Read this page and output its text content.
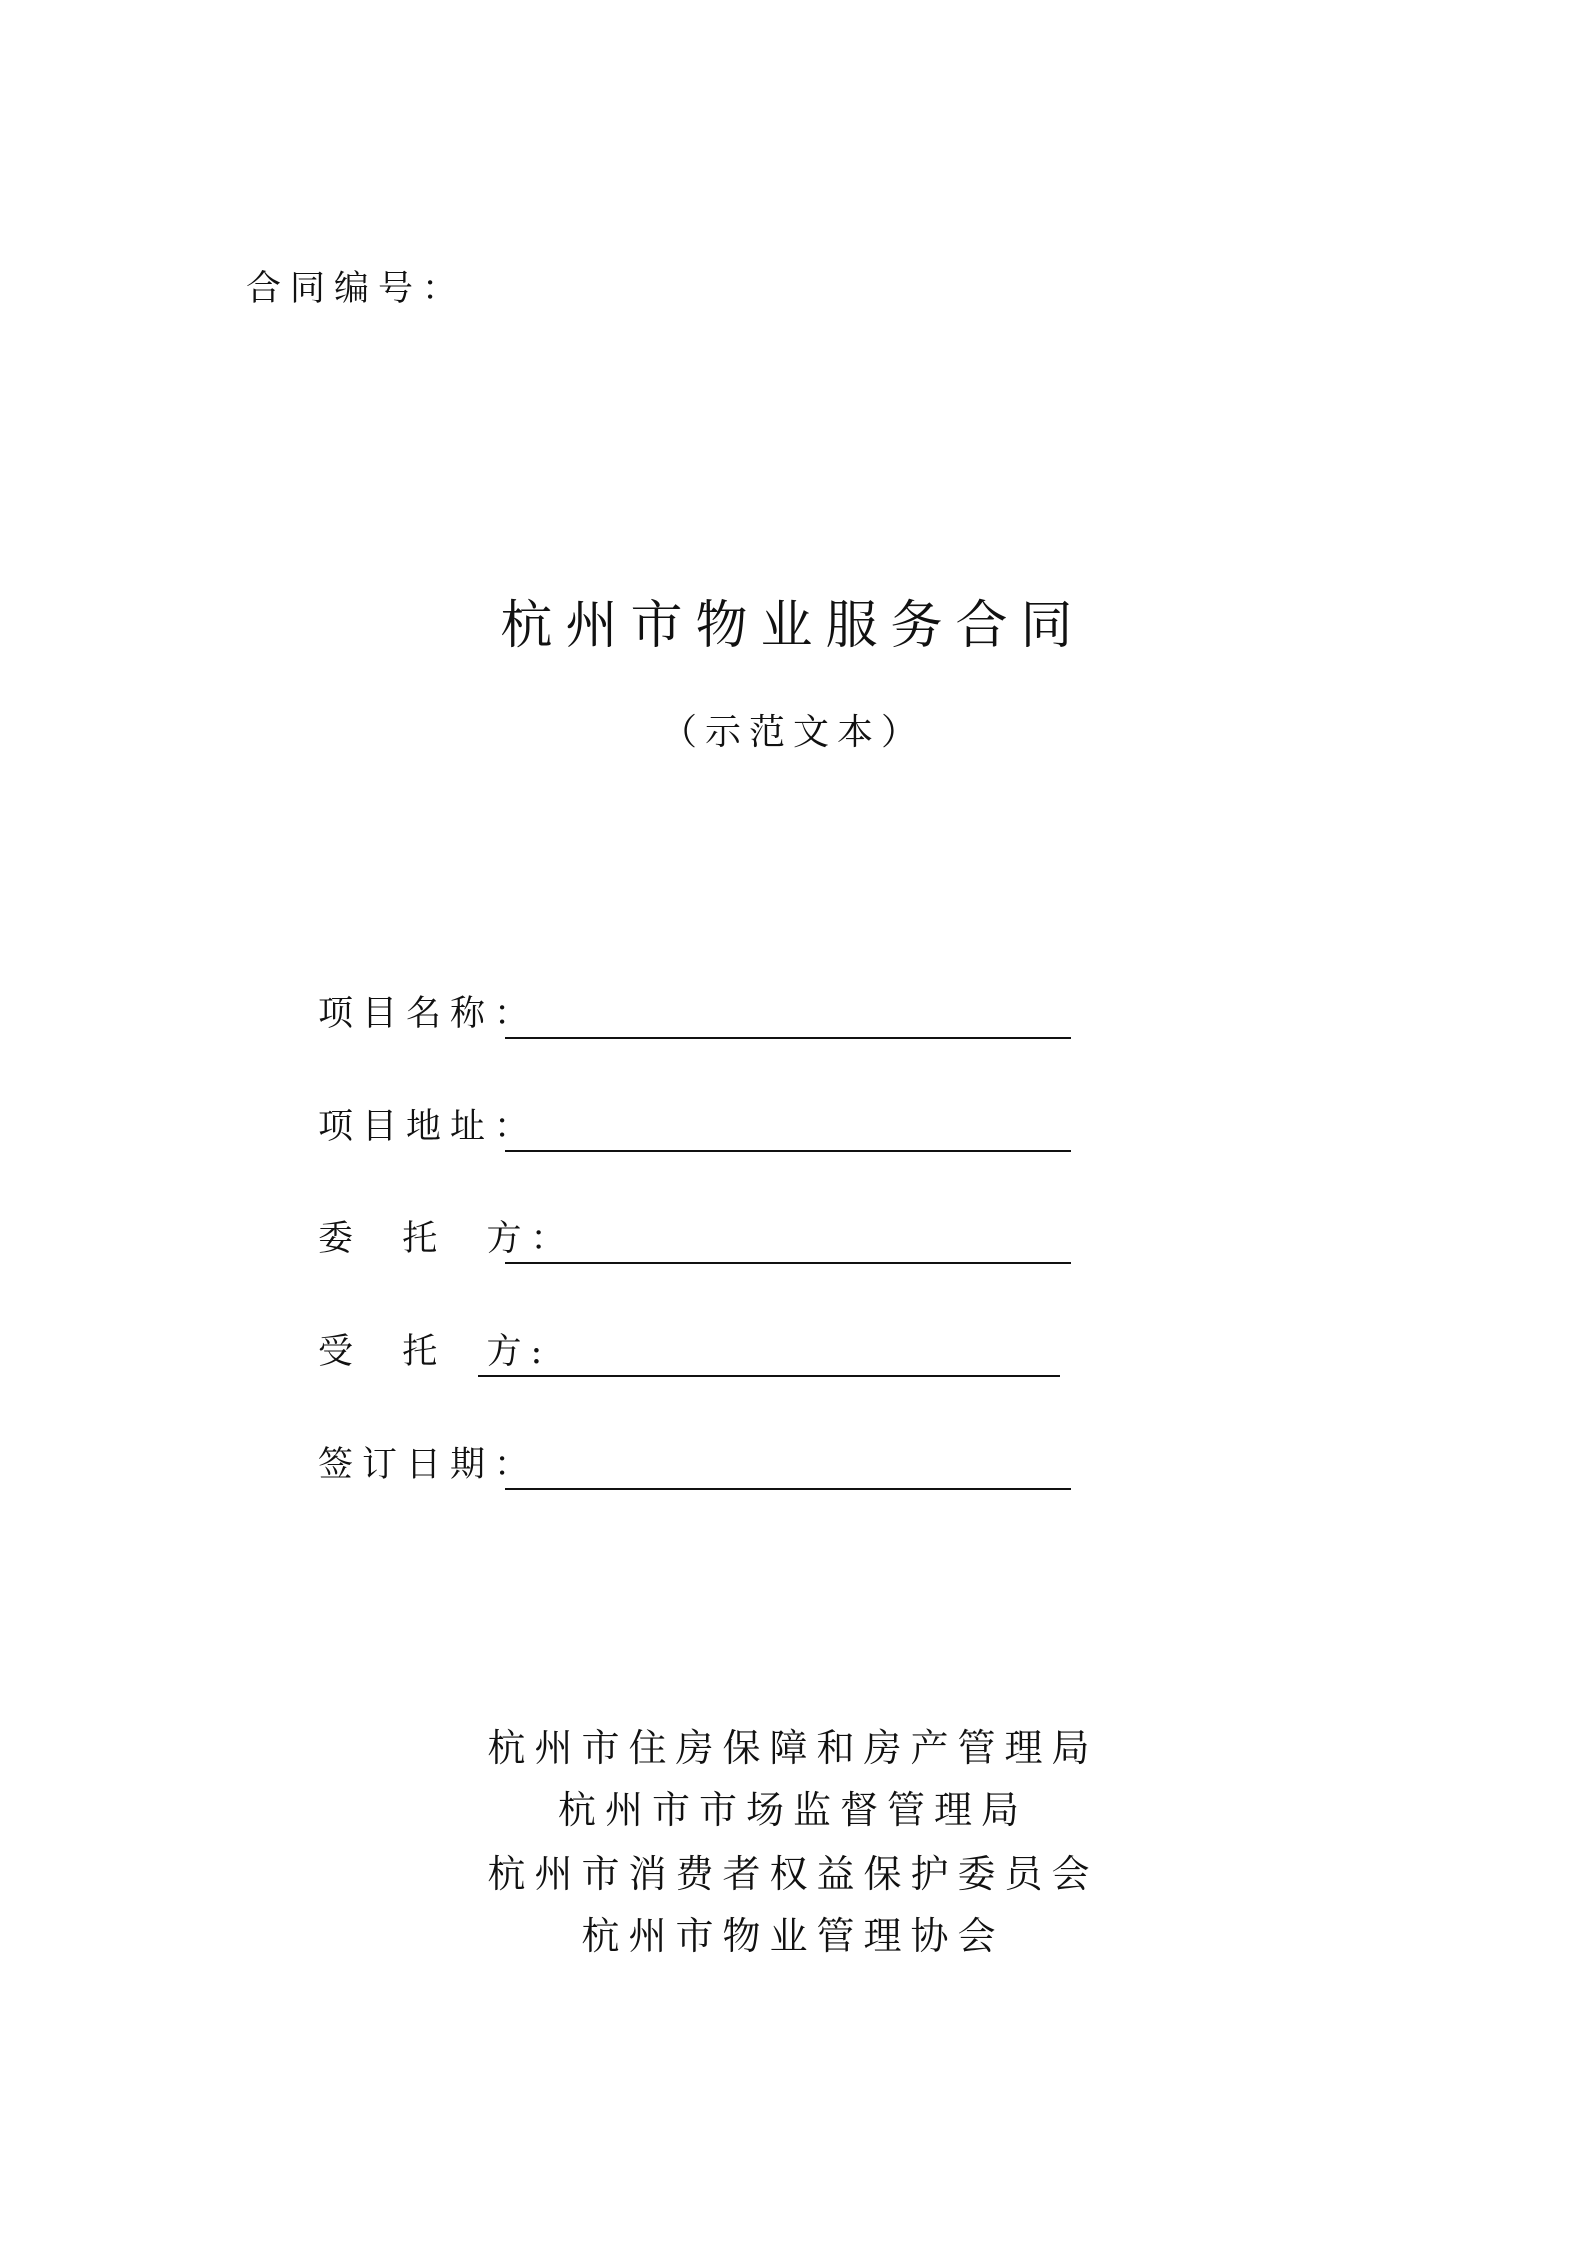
合同编号：
杭州市物业服务合同
（示范文本）
项目名称：
项目地址：
委  托  方：
受  托  方:
签订日期：
杭州市住房保障和房产管理局
杭州市市场监督管理局
杭州市消费者权益保护委员会
杭州市物业管理协会
